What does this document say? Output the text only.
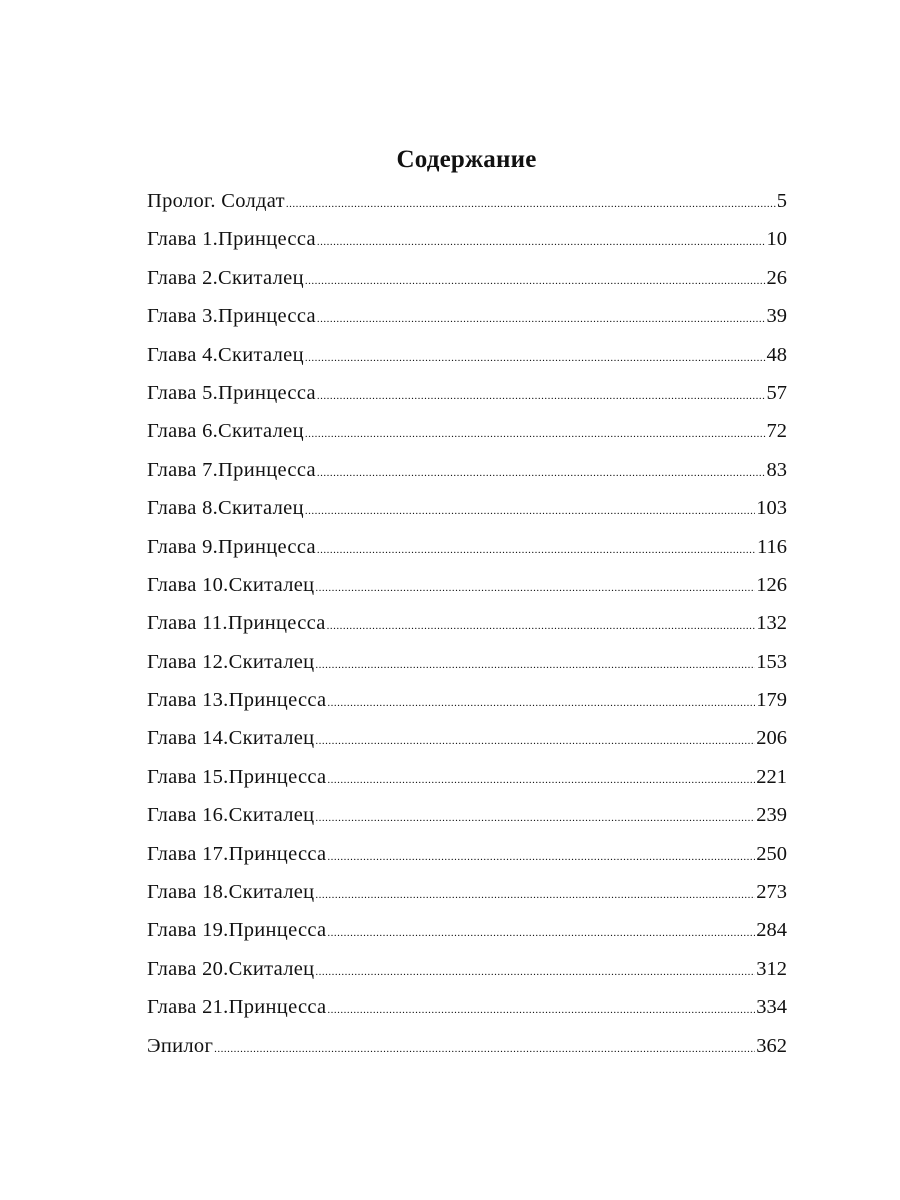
Содержание
Пролог. Солдат .....	5
Глава 1.Принцесса .....	10
Глава 2.Скиталец .....	26
Глава 3.Принцесса .....	39
Глава 4.Скиталец .....	48
Глава 5.Принцесса .....	57
Глава 6.Скиталец .....	72
Глава 7.Принцесса .....	83
Глава 8.Скиталец .....	103
Глава 9.Принцесса .....	116
Глава 10.Скиталец .....	126
Глава 11.Принцесса .....	132
Глава 12.Скиталец .....	153
Глава 13.Принцесса .....	179
Глава 14.Скиталец .....	206
Глава 15.Принцесса .....	221
Глава 16.Скиталец .....	239
Глава 17.Принцесса .....	250
Глава 18.Скиталец .....	273
Глава 19.Принцесса .....	284
Глава 20.Скиталец .....	312
Глава 21.Принцесса .....	334
Эпилог .....	362
